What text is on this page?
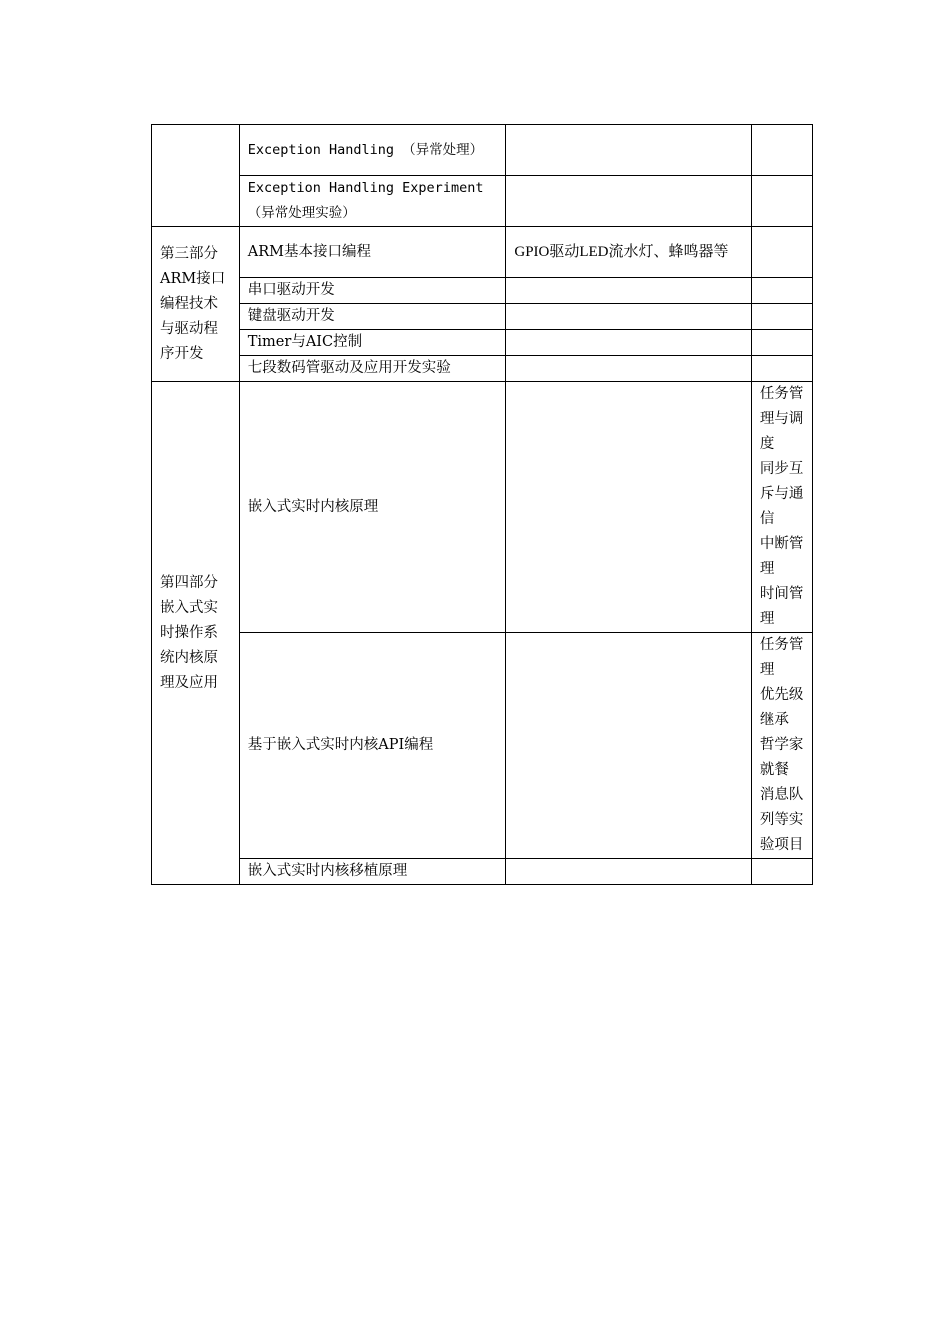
	Exception Handling （异常处理）		
	Exception Handling Experiment（异常处理实验）		
第三部分 ARM接口编程技术与驱动程序开发	ARM基本接口编程	GPIO驱动LED流水灯、蜂鸣器等	
	串口驱动开发		
	键盘驱动开发		
	Timer与AIC控制		
	七段数码管驱动及应用开发实验		
第四部分 嵌入式实时操作系统内核原理及应用	嵌入式实时内核原理		任务管理与调度
同步互斥与通信
中断管理
时间管理

	基于嵌入式实时内核API编程		任务管理
优先级继承
哲学家就餐
消息队列等实验项目

	嵌入式实时内核移植原理		
